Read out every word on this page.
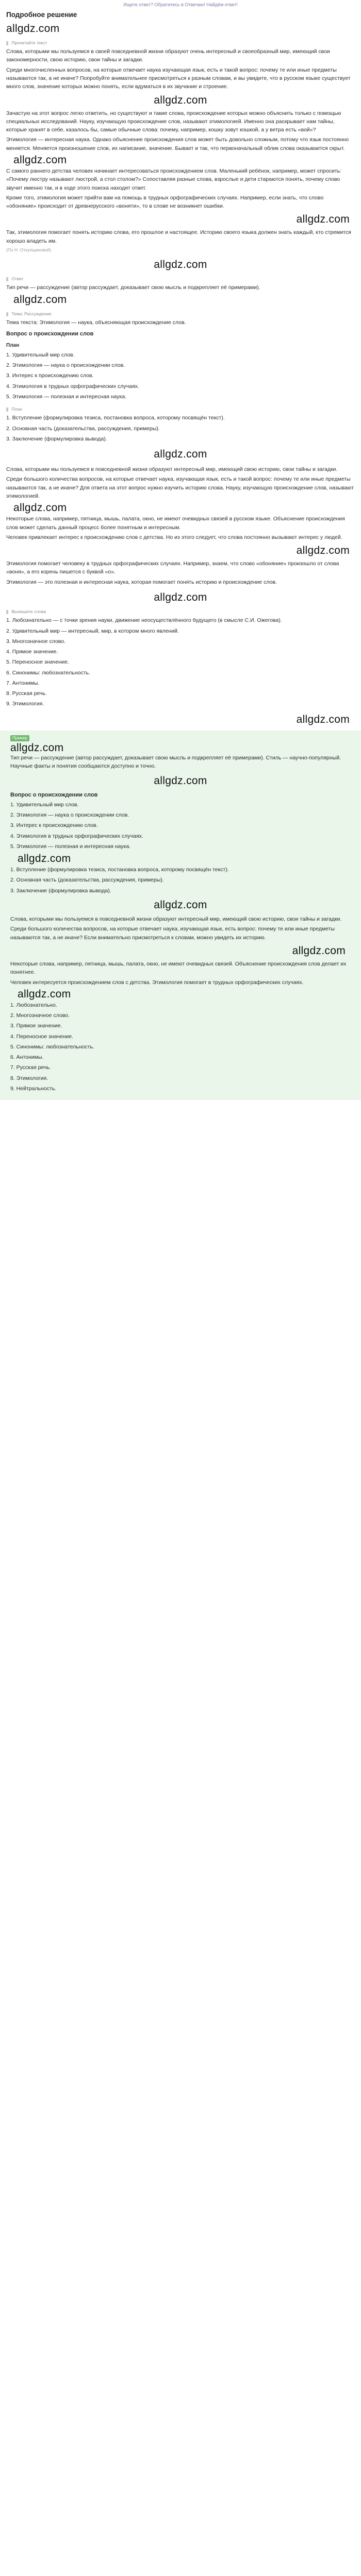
Ищете ответ? Обратитесь в Отвечаю! Найдём ответ!
Подробное решение
allgdz.com
Прочитайте текст

Слова, которыми мы пользуемся в своей повседневной жизни образуют очень интересный и своеобразный мир, имеющий свои закономерности, свою историю, свои тайны и загадки.

Среди многочисленных вопросов, на которые отвечает наука изучающая язык, есть и такой вопрос: почему те или иные предметы называются так, а не иначе? Попробуйте внимательнее присмотреться к разным словам, и вы увидите, что в русском языке существует много слов, значение которых можно понять, если вдуматься в их звучание и строение.

allgdz.com

Зачастую на этот вопрос легко ответить, но существуют и такие слова, происхождение которых можно объяснить только с помощью специальных исследований. Науку, изучающую происхождение слов, называют этимологией. Именно она раскрывает нам тайны, которые хранят в себе, казалось бы, самые обычные слова: почему, например, кошку зовут кошкой, а у ветра есть «вой»?

Этимология — интересная наука. Однако объяснение происхождения слов может быть довольно сложным, потому что язык постоянно меняется. Меняется произношение слов, их написание, значение. Бывает и так, что первоначальный облик слова оказывается скрыт.

allgdz.com

С самого раннего детства человек начинает интересоваться происхождением слов. Маленький ребёнок, например, может спросить: «Почему люстру называют люстрой, а стол столом?» Сопоставляя разные слова, взрослые и дети стараются понять, почему слово звучит именно так, и в ходе этого поиска находят ответ.

Кроме того, этимология может прийти вам на помощь в трудных орфографических случаях. Например, если знать, что слово «обоняние» происходит от древнерусского «воняти», то в слове не возникнет ошибки.

allgdz.com

Так, этимология помогает понять историю слова, его прошлое и настоящее. Историю своего языка должен знать каждый, кто стремится хорошо владеть им.

(По Н. Откупщиковой)
allgdz.com
Ответ

Тип речи — рассуждение (автор рассуждает, доказывает свою мысль и подкрепляет её примерами).

allgdz.com
Тема: Рассуждение

Тема текста: Этимология — наука, объясняющая происхождение слов.

Вопрос о происхождении слов
План

1. Удивительный мир слов.

2. Этимология — наука о происхождении слов.

3. Интерес к происхождению слов.

4. Этимология в трудных орфографических случаях.

5. Этимология — полезная и интересная наука.

План

1. Вступление (формулировка тезиса, постановка вопроса, которому посвящён текст).

2. Основная часть (доказательства, рассуждения, примеры).

3. Заключение (формулировка вывода).

allgdz.com

Слова, которыми мы пользуемся в повседневной жизни образуют интересный мир, имеющий свою историю, свои тайны и загадки.

Среди большого количества вопросов, на которые отвечает наука, изучающая язык, есть и такой вопрос: почему те или иные предметы называются так, а не иначе? Для ответа на этот вопрос нужно изучить историю слова. Науку, изучающую происхождение слов, называют этимологией.

allgdz.com

Некоторые слова, например, пятница, мышь, палата, окно, не имеют очевидных связей в русском языке. Объяснение происхождения слов может сделать данный процесс более понятным и интересным.

Человек привлекает интерес к происхождению слов с детства. Но из этого следует, что слова постоянно вызывают интерес у людей.

allgdz.com

Этимология помогает человеку в трудных орфографических случаях. Например, знаем, что слово «обоняние» произошло от слова «воня», а его корень пишется с буквой «о».

Этимология — это полезная и интересная наука, которая помогает понять историю и происхождение слов.

allgdz.com
Выпишите слова

1. Любознательно — с точки зрения науки, движение неосуществлённого будущего (в смысле С.И. Ожегова).

2. Удивительный мир — интересный, мир, в котором много явлений.

3. Многозначное слово.

4. Прямое значение.

5. Переносное значение.

6. Синонимы: любознательность.

7. Антонимы.

8. Русская речь.

9. Этимология.

allgdz.com
Пример
allgdz.com

Тип речи — рассуждение (автор рассуждает, доказывает свою мысль и подкрепляет её примерами). Стиль — научно-популярный. Научные факты и понятия сообщаются доступно и точно.

allgdz.com
Вопрос о происхождении слов

1. Удивительный мир слов.

2. Этимология — наука о происхождении слов.

3. Интерес к происхождению слов.

4. Этимология в трудных орфографических случаях.

5. Этимология — полезная и интересная наука.

allgdz.com

1. Вступление (формулировка тезиса, постановка вопроса, которому посвящён текст).

2. Основная часть (доказательства, рассуждения, примеры).

3. Заключение (формулировка вывода).

allgdz.com

Слова, которыми мы пользуемся в повседневной жизни образуют интересный мир, имеющий свою историю, свои тайны и загадки.

Среди большого количества вопросов, на которые отвечает наука, изучающая язык, есть вопрос: почему те или иные предметы называются так, а не иначе? Если внимательно присмотреться к словам, можно увидеть их историю.

allgdz.com

Некоторые слова, например, пятница, мышь, палата, окно, не имеют очевидных связей. Объяснение происхождения слов делает их понятнее.

Человек интересуется происхождением слов с детства. Этимология помогает в трудных орфографических случаях.

allgdz.com

1. Любознательно.

2. Многозначное слово.

3. Прямое значение.

4. Переносное значение.

5. Синонимы: любознательность.

6. Антонимы.

7. Русская речь.

8. Этимология.

9. Нейтральность.
